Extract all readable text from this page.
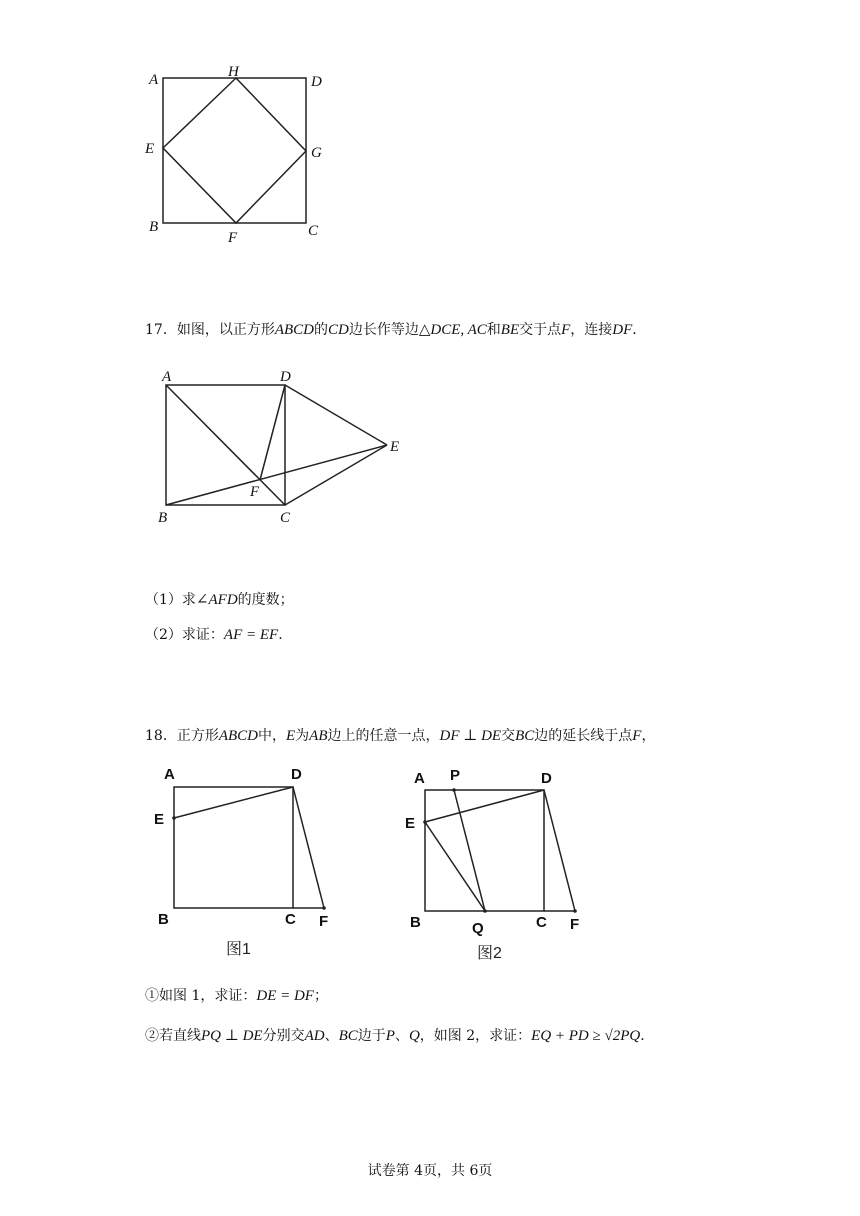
A	H
D
E	G
B
F	C
17．如图，以正方形ABCD的CD边长作等边△DCE, AC和BE交于点F，连接DF.
A	D
E
F
B	C
（1）求∠AFD的度数；
（2）求证：AF = EF.
18．正方形ABCD中，E为AB边上的任意一点，DF ⊥ DE交BC边的延长线于点F，
A	D
E
B	C F
图1
A P	D
E
B	Q	C F
图2
①如图 1，求证：DE = DF；
②若直线PQ ⊥ DE分别交AD、BC边于P、Q，如图 2，求证：EQ + PD ≥ √2PQ.
试卷第 4页，共 6页
